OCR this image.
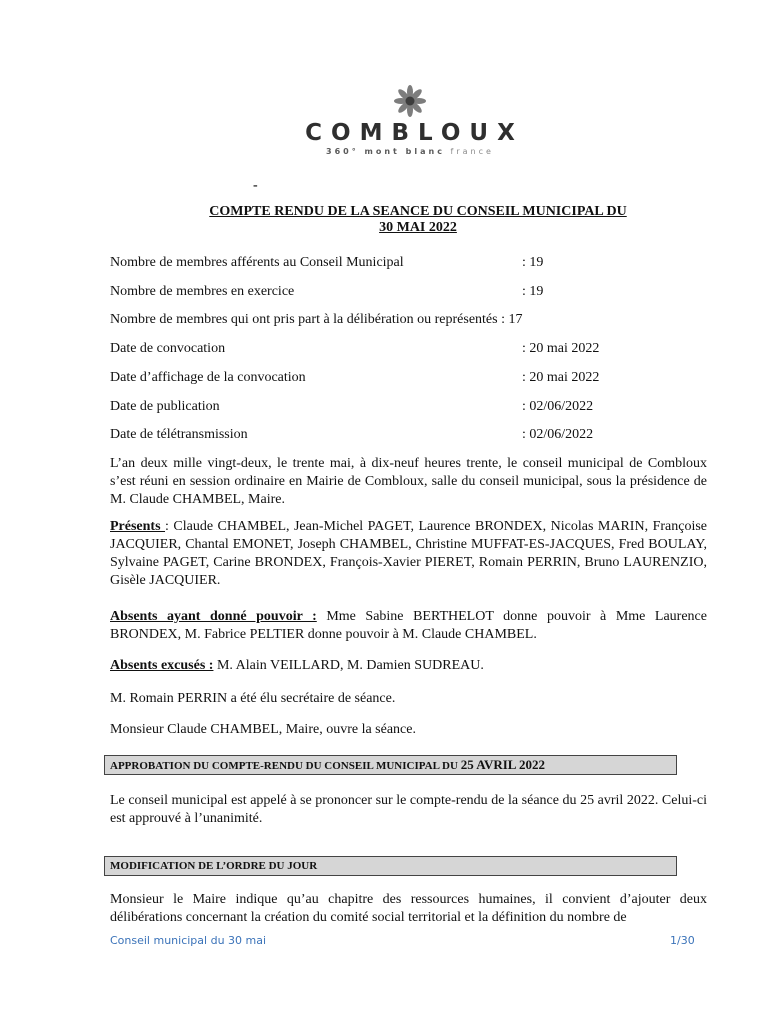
COMBLOUX
360° mont blanc france
-
COMPTE RENDU DE LA SEANCE DU CONSEIL MUNICIPAL DU
30 MAI 2022
Nombre de membres afférents au Conseil Municipal	: 19
Nombre de membres en exercice	: 19
Nombre de membres qui ont pris part à la délibération ou représentés : 17
Date de convocation	: 20 mai 2022
Date d’affichage de la convocation	: 20 mai 2022
Date de publication	: 02/06/2022
Date de télétransmission	: 02/06/2022

L’an deux mille vingt-deux, le trente mai, à dix-neuf heures trente, le conseil municipal de Combloux s’est réuni en session ordinaire en Mairie de Combloux, salle du conseil municipal, sous la présidence de M. Claude CHAMBEL, Maire.

Présents : Claude CHAMBEL, Jean-Michel PAGET, Laurence BRONDEX, Nicolas MARIN, Françoise JACQUIER, Chantal EMONET, Joseph CHAMBEL, Christine MUFFAT-ES-JACQUES, Fred BOULAY, Sylvaine PAGET, Carine BRONDEX, François-Xavier PIERET, Romain PERRIN, Bruno LAURENZIO, Gisèle JACQUIER.

Absents ayant donné pouvoir : Mme Sabine BERTHELOT donne pouvoir à Mme Laurence BRONDEX, M. Fabrice PELTIER donne pouvoir à M. Claude CHAMBEL.

Absents excusés : M. Alain VEILLARD, M. Damien SUDREAU.

M. Romain PERRIN a été élu secrétaire de séance.

Monsieur Claude CHAMBEL, Maire, ouvre la séance.

APPROBATION DU COMPTE-RENDU DU CONSEIL MUNICIPAL DU 25 AVRIL 2022

Le conseil municipal est appelé à se prononcer sur le compte-rendu de la séance du 25 avril 2022. Celui-ci est approuvé à l’unanimité.

MODIFICATION DE L’ORDRE DU JOUR

Monsieur le Maire indique qu’au chapitre des ressources humaines, il convient d’ajouter deux délibérations concernant la création du comité social territorial et la définition du nombre de

Conseil municipal du 30 mai	1/30
